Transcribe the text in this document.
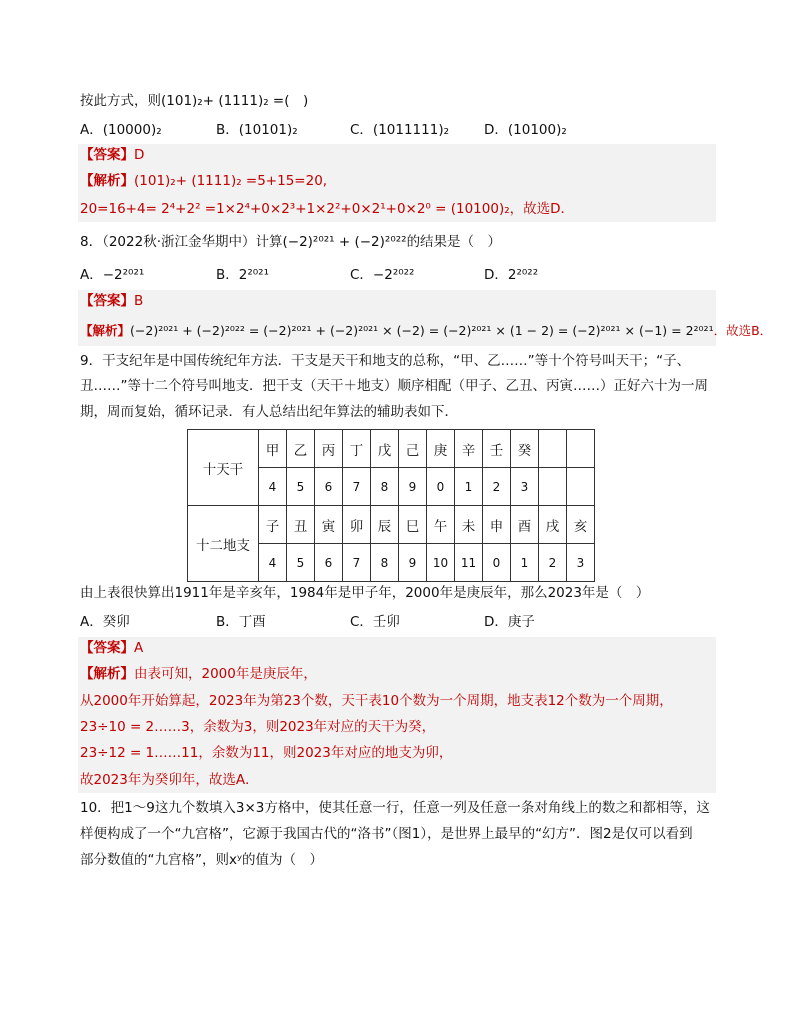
按此方式，则(101)₂+ (1111)₂ =(　)
A．(10000)₂	B．(10101)₂	C．(1011111)₂	D．(10100)₂
【答案】D
【解析】(101)₂+ (1111)₂ =5+15=20,
20=16+4= 2⁴+2² =1×2⁴+0×2³+1×2²+0×2¹+0×2⁰ = (10100)₂，故选D．
8．（2022秋·浙江金华期中）计算(−2)²⁰²¹ + (−2)²⁰²²的结果是（　）
A．−2²⁰²¹	B．2²⁰²¹	C．−2²⁰²²	D．2²⁰²²
【答案】B
【解析】(−2)²⁰²¹ + (−2)²⁰²² = (−2)²⁰²¹ + (−2)²⁰²¹ × (−2) = (−2)²⁰²¹ × (1 − 2) = (−2)²⁰²¹ × (−1) = 2²⁰²¹．故选B．
9．干支纪年是中国传统纪年方法．干支是天干和地支的总称，“甲、乙……”等十个符号叫天干；“子、
丑……”等十二个符号叫地支．把干支（天干＋地支）顺序相配（甲子、乙丑、丙寅……）正好六十为一周
期，周而复始，循环记录．有人总结出纪年算法的辅助表如下．
十天干	甲	乙	丙	丁	戊	己	庚	辛	壬	癸		
	4	5	6	7	8	9	0	1	2	3		
十二地支	子	丑	寅	卯	辰	巳	午	未	申	酉	戌	亥
	4	5	6	7	8	9	10	11	0	1	2	3
由上表很快算出1911年是辛亥年，1984年是甲子年，2000年是庚辰年，那么2023年是（　）
A．癸卯	B．丁酉	C．壬卯	D．庚子
【答案】A
【解析】由表可知，2000年是庚辰年，
从2000年开始算起，2023年为第23个数，天干表10个数为一个周期，地支表12个数为一个周期，
23÷10 = 2……3，余数为3，则2023年对应的天干为癸，
23÷12 = 1……11，余数为11，则2023年对应的地支为卯，
故2023年为癸卯年，故选A．
10．把1～9这九个数填入3×3方格中，使其任意一行，任意一列及任意一条对角线上的数之和都相等，这
样便构成了一个“九宫格”，它源于我国古代的“洛书”（图1），是世界上最早的“幻方”．图2是仅可以看到
部分数值的“九宫格”，则xʸ的值为（　）
